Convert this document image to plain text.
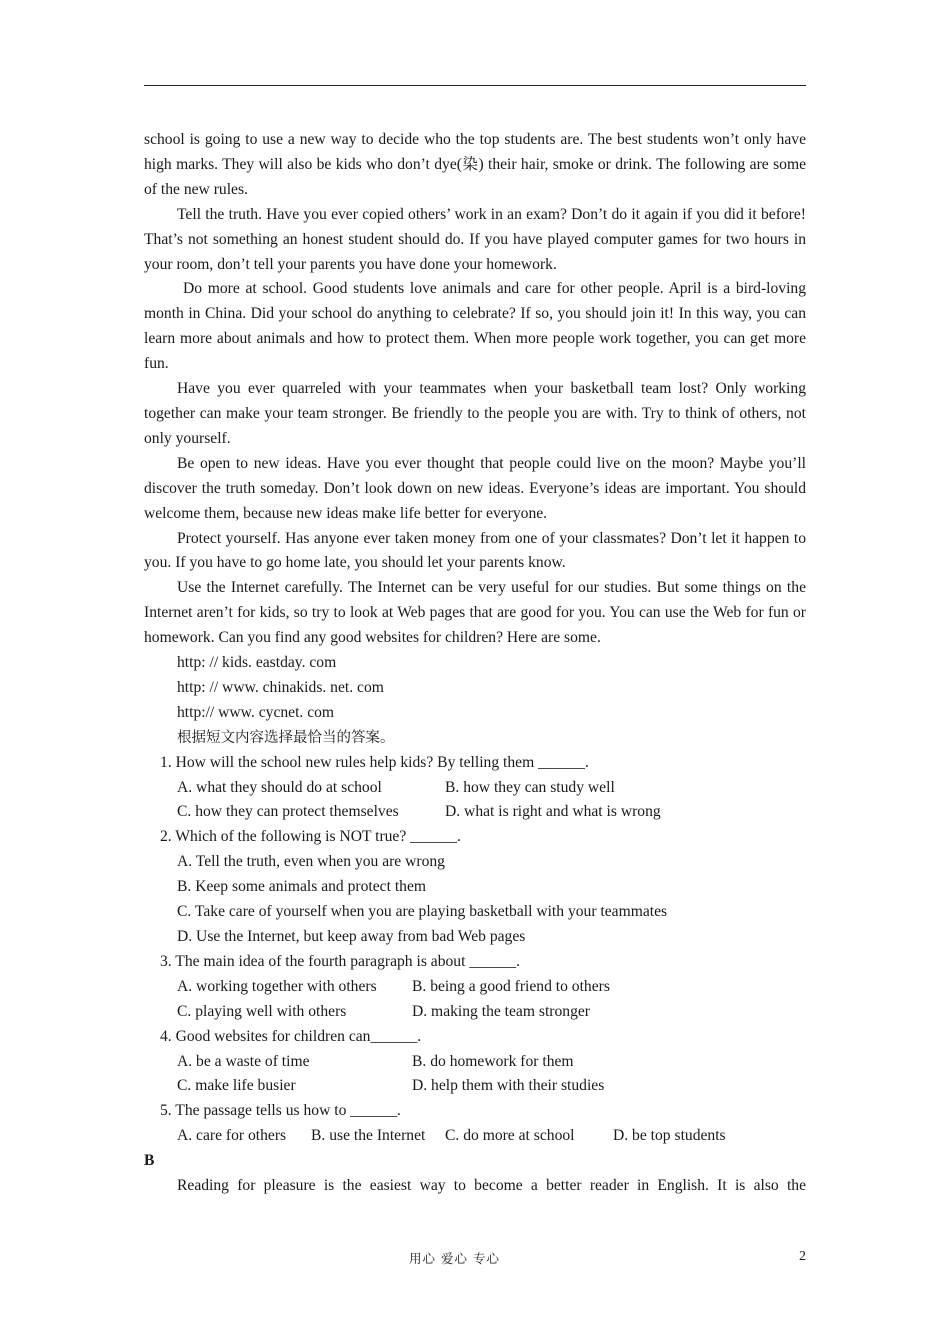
school is going to use a new way to decide who the top students are. The best students won’t only have high marks. They will also be kids who don’t dye(染) their hair, smoke or drink. The following are some of the new rules.

Tell the truth. Have you ever copied others’ work in an exam? Don’t do it again if you did it before! That’s not something an honest student should do. If you have played computer games for two hours in your room, don’t tell your parents you have done your homework.

Do more at school. Good students love animals and care for other people. April is a bird-loving month in China. Did your school do anything to celebrate? If so, you should join it! In this way, you can learn more about animals and how to protect them. When more people work together, you can get more fun.

Have you ever quarreled with your teammates when your basketball team lost? Only working together can make your team stronger. Be friendly to the people you are with. Try to think of others, not only yourself.

Be open to new ideas. Have you ever thought that people could live on the moon? Maybe you’ll discover the truth someday. Don’t look down on new ideas. Everyone’s ideas are important. You should welcome them, because new ideas make life better for everyone.

Protect yourself. Has anyone ever taken money from one of your classmates? Don’t let it happen to you. If you have to go home late, you should let your parents know.

Use the Internet carefully. The Internet can be very useful for our studies. But some things on the Internet aren’t for kids, so try to look at Web pages that are good for you. You can use the Web for fun or homework. Can you find any good websites for children? Here are some.

http: // kids. eastday. com

http: // www. chinakids. net. com

http:// www. cycnet. com

根据短文内容选择最恰当的答案。

1. How will the school new rules help kids? By telling them ______.

A. what they should do at school	B. how they can study well
C. how they can protect themselves	D. what is right and what is wrong

2. Which of the following is NOT true? ______.

A. Tell the truth, even when you are wrong

B. Keep some animals and protect them

C. Take care of yourself when you are playing basketball with your teammates

D. Use the Internet, but keep away from bad Web pages

3. The main idea of the fourth paragraph is about ______.

A. working together with others	B. being a good friend to others
C. playing well with others	D. making the team stronger

4. Good websites for children can______.

A. be a waste of time	B. do homework for them
C. make life busier	D. help them with their studies

5. The passage tells us how to ______.

A. care for others	B. use the Internet	C. do more at school	D. be top students

B

Reading for pleasure is the easiest way to become a better reader in English. It is also the

用心 爱心 专心	2
